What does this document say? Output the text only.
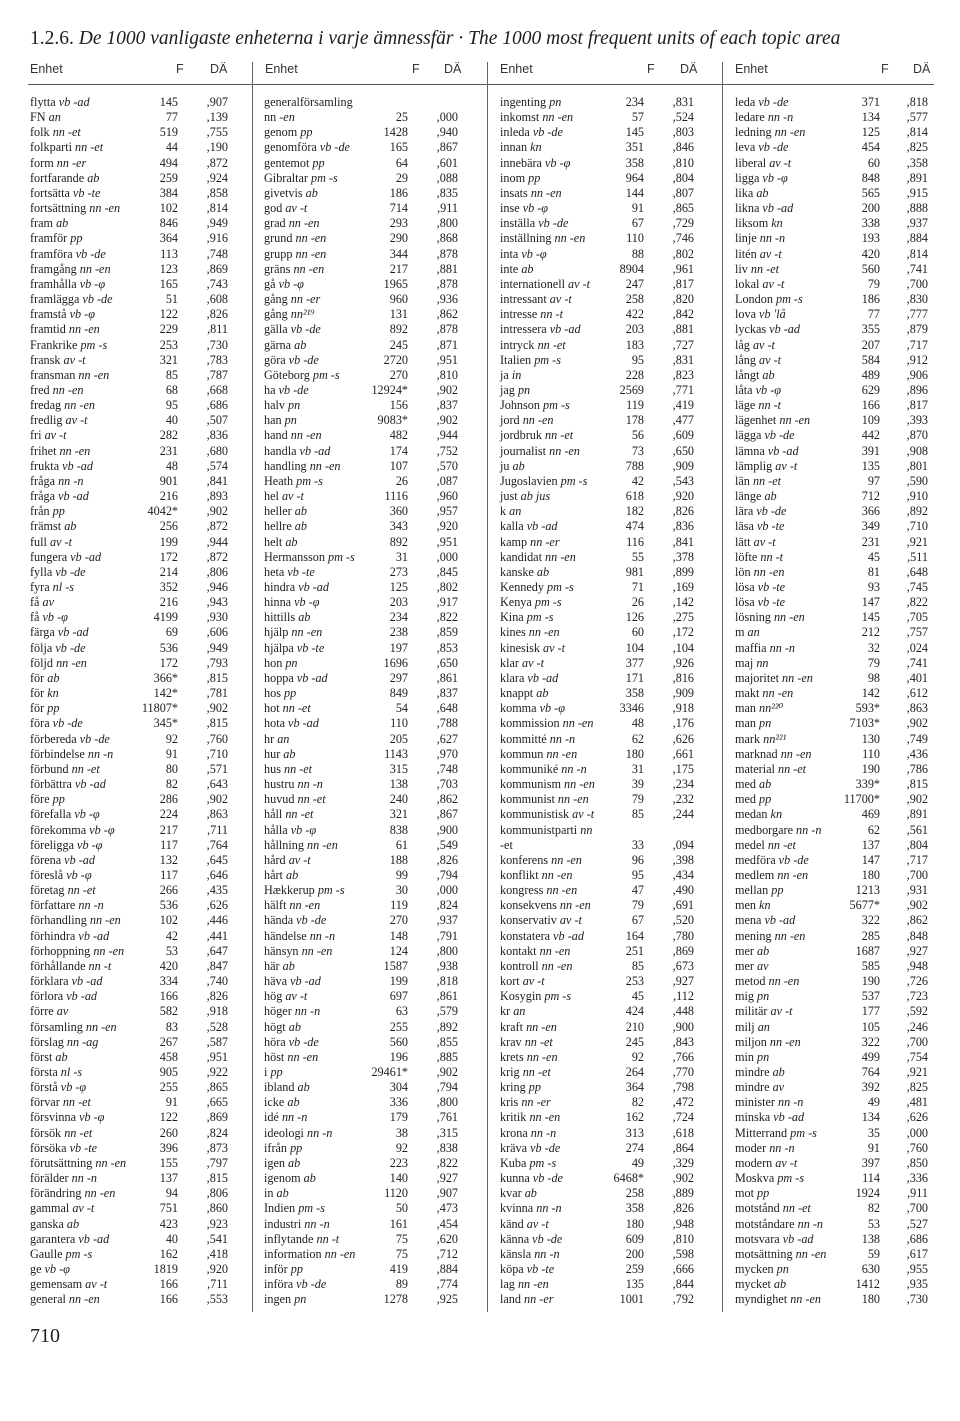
1.2.6. De 1000 vanligaste enheterna i varje ämnessfär · The 1000 most frequent units of each topic area
Enhet	F DÄ	Enhet	F DÄ	Enhet	F DÄ	Enhet	F DÄ
flytta vb -ad	145 ,907
FN an	77 ,139
folk nn -et	519 ,755
folkparti nn -et	44 ,190
form nn -er	494 ,872
fortfarande ab	259 ,924
fortsätta vb -te	384 ,858
fortsättning nn -en	102 ,814
fram ab	846 ,949
framför pp	364 ,916
framföra vb -de	113 ,748
framgång nn -en	123 ,869
framhålla vb -φ	165 ,743
framlägga vb -de	51 ,608
framstå vb -φ	122 ,826
framtid nn -en	229 ,811
Frankrike pm -s	253 ,730
fransk av -t	321 ,783
fransman nn -en	85 ,787
fred nn -en	68 ,668
fredag nn -en	95 ,686
fredlig av -t	40 ,507
fri av -t	282 ,836
frihet nn -en	231 ,680
frukta vb -ad	48 ,574
fråga nn -n	901 ,841
fråga vb -ad	216 ,893
från pp	4042* ,902
främst ab	256 ,872
full av -t	199 ,944
fungera vb -ad	172 ,872
fylla vb -de	214 ,806
fyra nl -s	352 ,946
få av	216 ,943
få vb -φ	4199 ,930
färga vb -ad	69 ,606
följa vb -de	536 ,949
följd nn -en	172 ,793
för ab	366* ,815
för kn	142* ,781
för pp	11807* ,902
föra vb -de	345* ,815
förbereda vb -de	92 ,760
förbindelse nn -n	91 ,710
förbund nn -et	80 ,571
förbättra vb -ad	82 ,643
före pp	286 ,902
förefalla vb -φ	224 ,863
förekomma vb -φ	217 ,711
föreligga vb -φ	117 ,764
förena vb -ad	132 ,645
föreslå vb -φ	117 ,646
företag nn -et	266 ,435
författare nn -n	536 ,626
förhandling nn -en	102 ,446
förhindra vb -ad	42 ,441
förhoppning nn -en	53 ,647
förhållande nn -t	420 ,847
förklara vb -ad	334 ,740
förlora vb -ad	166 ,826
förre av	582 ,918
församling nn -en	83 ,528
förslag nn -ag	267 ,587
först ab	458 ,951
första nl -s	905 ,922
förstå vb -φ	255 ,865
förvar nn -et	91 ,665
försvinna vb -φ	122 ,869
försök nn -et	260 ,824
försöka vb -te	396 ,873
förutsättning nn -en	155 ,797
förälder nn -n	137 ,815
förändring nn -en	94 ,806
gammal av -t	751 ,860
ganska ab	423 ,923
garantera vb -ad	40 ,541
Gaulle pm -s	162 ,418
ge vb -φ	1819 ,920
gemensam av -t	166 ,711
general nn -en	166 ,553
generalförsamling
nn -en	25 ,000
genom pp	1428 ,940
genomföra vb -de	165 ,867
gentemot pp	64 ,601
Gibraltar pm -s	29 ,088
givetvis ab	186 ,835
god av -t	714 ,911
grad nn -en	293 ,800
grund nn -en	290 ,868
grupp nn -en	344 ,878
gräns nn -en	217 ,881
gå vb -φ	1965 ,878
gång nn -er	960 ,936
gång nn²¹⁹	131 ,862
gälla vb -de	892 ,878
gärna ab	245 ,871
göra vb -de	2720 ,951
Göteborg pm -s	270 ,810
ha vb -de	12924* ,902
halv pn	156 ,837
han pn	9083* ,902
hand nn -en	482 ,944
handla vb -ad	174 ,752
handling nn -en	107 ,570
Heath pm -s	26 ,087
hel av -t	1116 ,960
heller ab	360 ,957
hellre ab	343 ,920
helt ab	892 ,951
Hermansson pm -s	31 ,000
heta vb -te	273 ,845
hindra vb -ad	125 ,802
hinna vb -φ	203 ,917
hittills ab	234 ,822
hjälp nn -en	238 ,859
hjälpa vb -te	197 ,853
hon pn	1696 ,650
hoppa vb -ad	297 ,861
hos pp	849 ,837
hot nn -et	54 ,648
hota vb -ad	110 ,788
hr an	205 ,627
hur ab	1143 ,970
hus nn -et	315 ,748
hustru nn -n	138 ,703
huvud nn -et	240 ,862
håll nn -et	321 ,867
hålla vb -φ	838 ,900
hållning nn -en	61 ,549
hård av -t	188 ,826
hårt ab	99 ,794
Hækkerup pm -s	30 ,000
hälft nn -en	119 ,824
hända vb -de	270 ,937
händelse nn -n	148 ,791
hänsyn nn -en	124 ,800
här ab	1587 ,938
häva vb -ad	199 ,818
hög av -t	697 ,861
höger nn -n	63 ,579
högt ab	255 ,892
höra vb -de	560 ,855
höst nn -en	196 ,885
i pp	29461* ,902
ibland ab	304 ,794
icke ab	336 ,800
idé nn -n	179 ,761
ideologi nn -n	38 ,315
ifrån pp	92 ,838
igen ab	223 ,822
igenom ab	140 ,927
in ab	1120 ,907
Indien pm -s	50 ,473
industri nn -n	161 ,454
inflytande nn -t	75 ,620
information nn -en	75 ,712
inför pp	419 ,884
införa vb -de	89 ,774
ingen pn	1278 ,925
ingenting pn	234 ,831
inkomst nn -en	57 ,524
inleda vb -de	145 ,803
innan kn	351 ,846
innebära vb -φ	358 ,810
inom pp	964 ,804
insats nn -en	144 ,807
inse vb -φ	91 ,865
inställa vb -de	67 ,729
inställning nn -en	110 ,746
inta vb -φ	88 ,802
inte ab	8904 ,961
internationell av -t	247 ,817
intressant av -t	258 ,820
intresse nn -t	422 ,842
intressera vb -ad	203 ,881
intryck nn -et	183 ,727
Italien pm -s	95 ,831
ja in	228 ,823
jag pn	2569 ,771
Johnson pm -s	119 ,419
jord nn -en	178 ,477
jordbruk nn -et	56 ,609
journalist nn -en	73 ,650
ju ab	788 ,909
Jugoslavien pm -s	42 ,543
just ab jus	618 ,920
k an	182 ,826
kalla vb -ad	474 ,836
kamp nn -er	116 ,841
kandidat nn -en	55 ,378
kanske ab	981 ,899
Kennedy pm -s	71 ,169
Kenya pm -s	26 ,142
Kina pm -s	126 ,275
kines nn -en	60 ,172
kinesisk av -t	104 ,104
klar av -t	377 ,926
klara vb -ad	171 ,816
knappt ab	358 ,909
komma vb -φ	3346 ,918
kommission nn -en	48 ,176
kommitté nn -n	62 ,626
kommun nn -en	180 ,661
kommuniké nn -n	31 ,175
kommunism nn -en	39 ,234
kommunist nn -en	79 ,232
kommunistisk av -t	85 ,244
kommunistparti nn
-et	33 ,094
konferens nn -en	96 ,398
konflikt nn -en	95 ,434
kongress nn -en	47 ,490
konsekvens nn -en	79 ,691
konservativ av -t	67 ,520
konstatera vb -ad	164 ,780
kontakt nn -en	251 ,869
kontroll nn -en	85 ,673
kort av -t	253 ,927
Kosygin pm -s	45 ,112
kr an	424 ,448
kraft nn -en	210 ,900
krav nn -et	245 ,843
krets nn -en	92 ,766
krig nn -et	264 ,770
kring pp	364 ,798
kris nn -er	82 ,472
kritik nn -en	162 ,724
krona nn -n	313 ,618
kräva vb -de	274 ,864
Kuba pm -s	49 ,329
kunna vb -de	6468* ,902
kvar ab	258 ,889
kvinna nn -n	358 ,826
känd av -t	180 ,948
känna vb -de	609 ,810
känsla nn -n	200 ,598
köpa vb -te	259 ,666
lag nn -en	135 ,844
land nn -er	1001 ,792
leda vb -de	371 ,818
ledare nn -n	134 ,577
ledning nn -en	125 ,814
leva vb -de	454 ,825
liberal av -t	60 ,358
ligga vb -φ	848 ,891
lika ab	565 ,915
likna vb -ad	200 ,888
liksom kn	338 ,937
linje nn -n	193 ,884
litén av -t	420 ,814
liv nn -et	560 ,741
lokal av -t	79 ,700
London pm -s	186 ,830
lova vb 'lå	77 ,777
lyckas vb -ad	355 ,879
låg av -t	207 ,717
lång av -t	584 ,912
långt ab	489 ,906
låta vb -φ	629 ,896
läge nn -t	166 ,817
lägenhet nn -en	109 ,393
lägga vb -de	442 ,870
lämna vb -ad	391 ,908
lämplig av -t	135 ,801
län nn -et	97 ,590
länge ab	712 ,910
lära vb -de	366 ,892
läsa vb -te	349 ,710
lätt av -t	231 ,921
löfte nn -t	45 ,511
lön nn -en	81 ,648
lösa vb -te	93 ,745
lösa vb -te	147 ,822
lösning nn -en	145 ,705
m an	212 ,757
maffia nn -n	32 ,024
maj nn	79 ,741
majoritet nn -en	98 ,401
makt nn -en	142 ,612
man nn²²⁰	593* ,863
man pn	7103* ,902
mark nn²²¹	130 ,749
marknad nn -en	110 ,436
material nn -et	190 ,786
med ab	339* ,815
med pp	11700* ,902
medan kn	469 ,891
medborgare nn -n	62 ,561
medel nn -et	137 ,804
medföra vb -de	147 ,717
medlem nn -en	180 ,700
mellan pp	1213 ,931
men kn	5677* ,902
mena vb -ad	322 ,862
mening nn -en	285 ,848
mer ab	1687 ,927
mer av	585 ,948
metod nn -en	190 ,726
mig pn	537 ,723
militär av -t	177 ,592
milj an	105 ,246
miljon nn -en	322 ,700
min pn	499 ,754
mindre ab	764 ,921
mindre av	392 ,825
minister nn -n	49 ,481
minska vb -ad	134 ,626
Mitterrand pm -s	35 ,000
moder nn -n	91 ,760
modern av -t	397 ,850
Moskva pm -s	114 ,336
mot pp	1924 ,911
motstånd nn -et	82 ,700
motståndare nn -n	53 ,527
motsvara vb -ad	138 ,686
motsättning nn -en	59 ,617
mycken pn	630 ,955
mycket ab	1412 ,935
myndighet nn -en	180 ,730
710
